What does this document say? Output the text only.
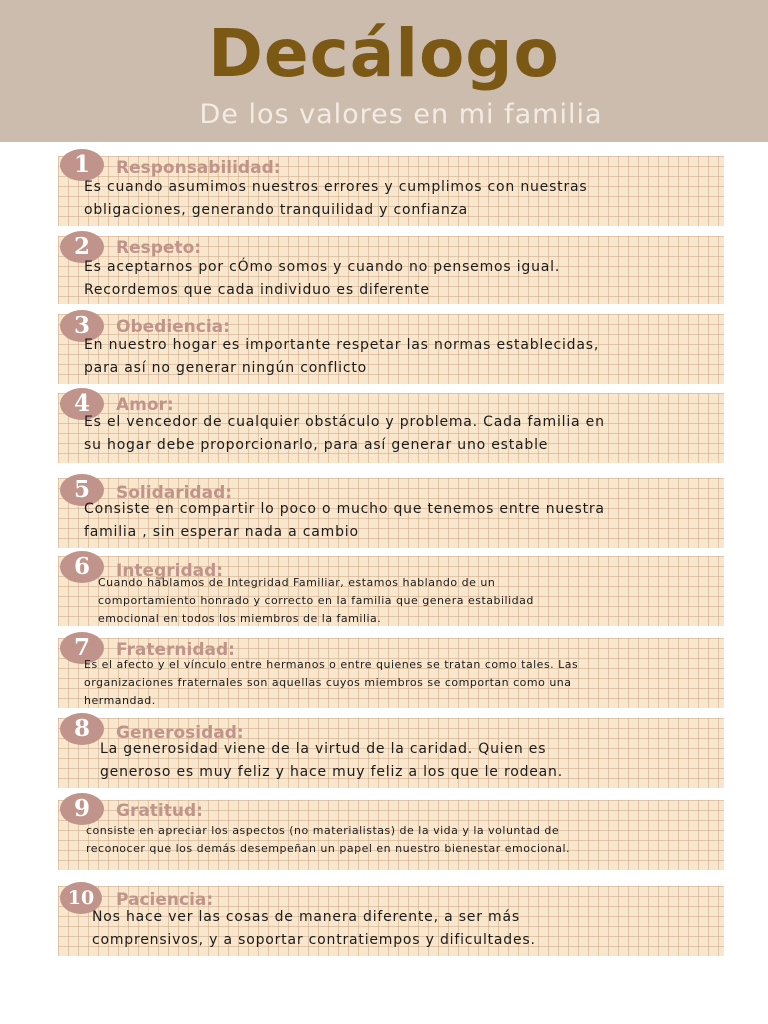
Decálogo

De los valores en mi familia

1	Responsabilidad:
Es cuando asumimos nuestros errores y cumplimos con nuestras
obligaciones, generando tranquilidad y confianza
2	Respeto:
Es aceptarnos por cÓmo somos y cuando no pensemos igual.
Recordemos que cada individuo es diferente
3	Obediencia:
En nuestro hogar es importante respetar las normas establecidas,
para así no generar ningún conflicto
4	Amor:
Es el vencedor de cualquier obstáculo y problema. Cada familia en
su hogar debe proporcionarlo, para así generar uno estable
5	Solidaridad:
Consiste en compartir lo poco o mucho que tenemos entre nuestra
familia , sin esperar nada a cambio
6	Integridad:
Cuando hablamos de Integridad Familiar, estamos hablando de un
comportamiento honrado y correcto en la familia que genera estabilidad
emocional en todos los miembros de la familia.
7	Fraternidad:
Es el afecto y el vínculo entre hermanos o entre quienes se tratan como tales. Las
organizaciones fraternales son aquellas cuyos miembros se comportan como una
hermandad.
8	Generosidad:
La generosidad viene de la virtud de la caridad. Quien es
generoso es muy feliz y hace muy feliz a los que le rodean.
9	Gratitud:
consiste en apreciar los aspectos (no materialistas) de la vida y la voluntad de
reconocer que los demás desempeñan un papel en nuestro bienestar emocional.
10	Paciencia:
Nos hace ver las cosas de manera diferente, a ser más
comprensivos, y a soportar contratiempos y dificultades.
